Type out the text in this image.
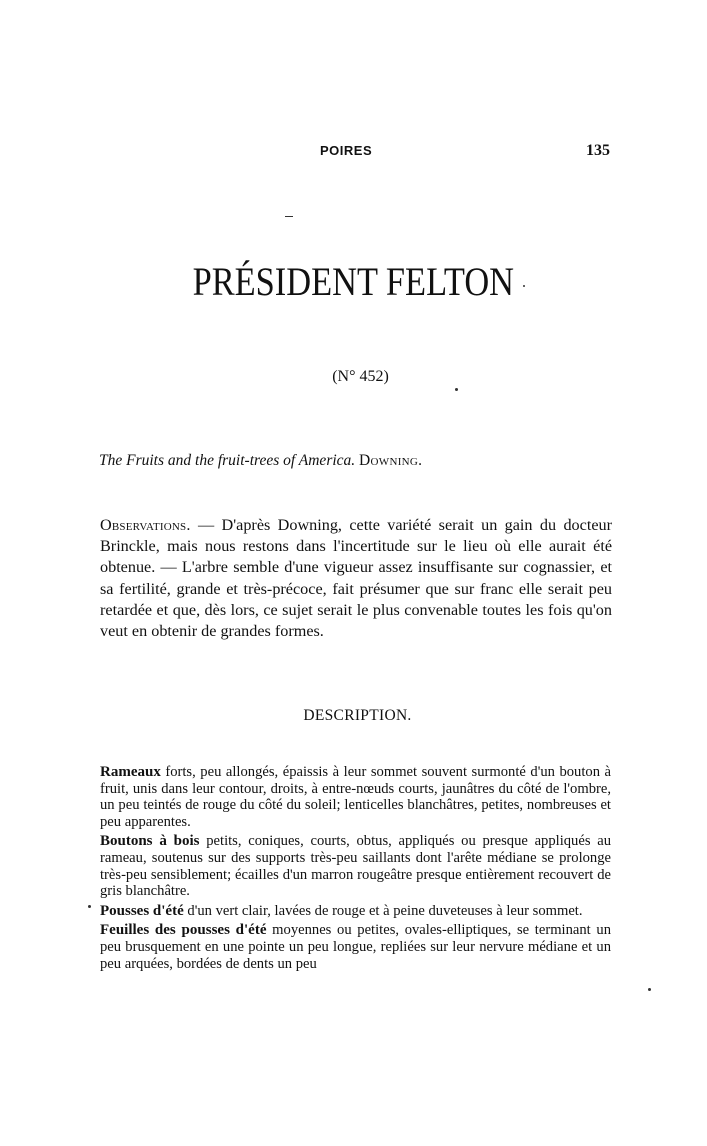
POIRES	135
PRÉSIDENT FELTON
(N° 452)
The Fruits and the fruit-trees of America. Downing.
Observations. — D'après Downing, cette variété serait un gain du docteur Brinckle, mais nous restons dans l'incertitude sur le lieu où elle aurait été obtenue. — L'arbre semble d'une vigueur assez insuffisante sur cognassier, et sa fertilité, grande et très-précoce, fait présumer que sur franc elle serait peu retardée et que, dès lors, ce sujet serait le plus convenable toutes les fois qu'on veut en obtenir de grandes formes.
DESCRIPTION.

Rameaux forts, peu allongés, épaissis à leur sommet souvent surmonté d'un bouton à fruit, unis dans leur contour, droits, à entre-nœuds courts, jaunâtres du côté de l'ombre, un peu teintés de rouge du côté du soleil; lenticelles blanchâtres, petites, nombreuses et peu apparentes.

Boutons à bois petits, coniques, courts, obtus, appliqués ou presque appliqués au rameau, soutenus sur des supports très-peu saillants dont l'arête médiane se prolonge très-peu sensiblement; écailles d'un marron rougeâtre presque entièrement recouvert de gris blanchâtre.

Pousses d'été d'un vert clair, lavées de rouge et à peine duveteuses à leur sommet.

Feuilles des pousses d'été moyennes ou petites, ovales-elliptiques, se terminant un peu brusquement en une pointe un peu longue, repliées sur leur nervure médiane et un peu arquées, bordées de dents un peu
